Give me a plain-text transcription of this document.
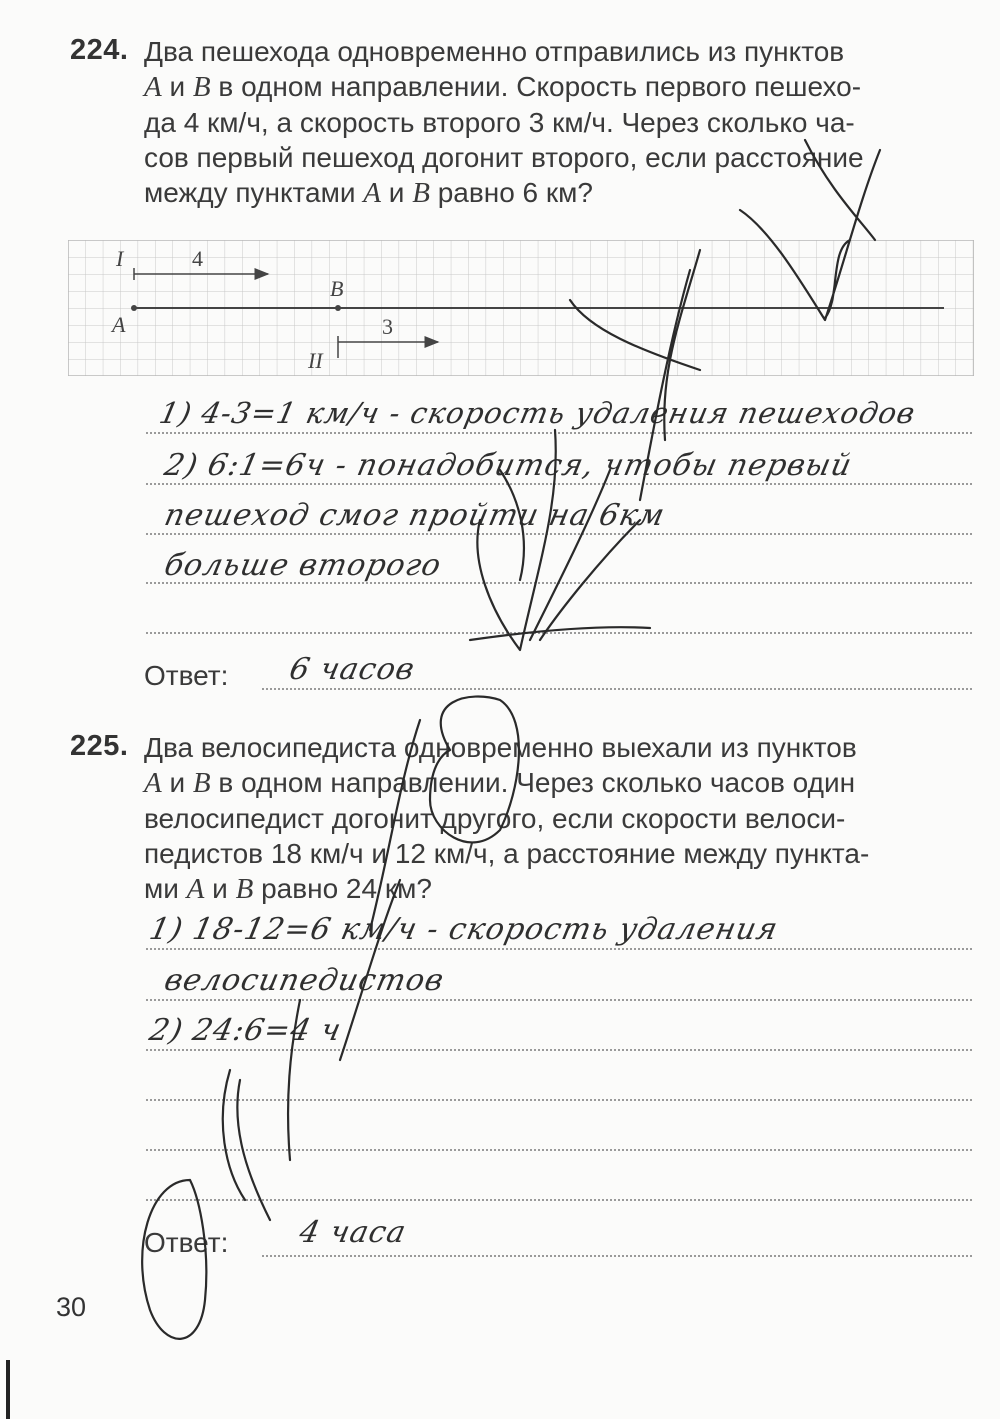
224. Два пешехода одновременно отправились из пунктов
A и B в одном направлении. Скорость первого пешехо-
да 4 км/ч, а скорость второго 3 км/ч. Через сколько ча-
сов первый пешеход догонит второго, если расстояние
между пунктами A и B равно 6 км?
I	4
B
A	3
II
1) 4-3=1 км/ч - скорость удаления пешеходов
2) 6:1=6ч - понадобится, чтобы первый
пешеход смог пройти на 6км
больше второго
Ответ: 6 часов
225. Два велосипедиста одновременно выехали из пунктов
A и B в одном направлении. Через сколько часов один
велосипедист догонит другого, если скорости велоси-
педистов 18 км/ч и 12 км/ч, а расстояние между пункта-
ми A и B равно 24 км?
1) 18-12=6 км/ч - скорость удаления
велосипедистов
2) 24:6=4 ч
Ответ: 4 часа
30
